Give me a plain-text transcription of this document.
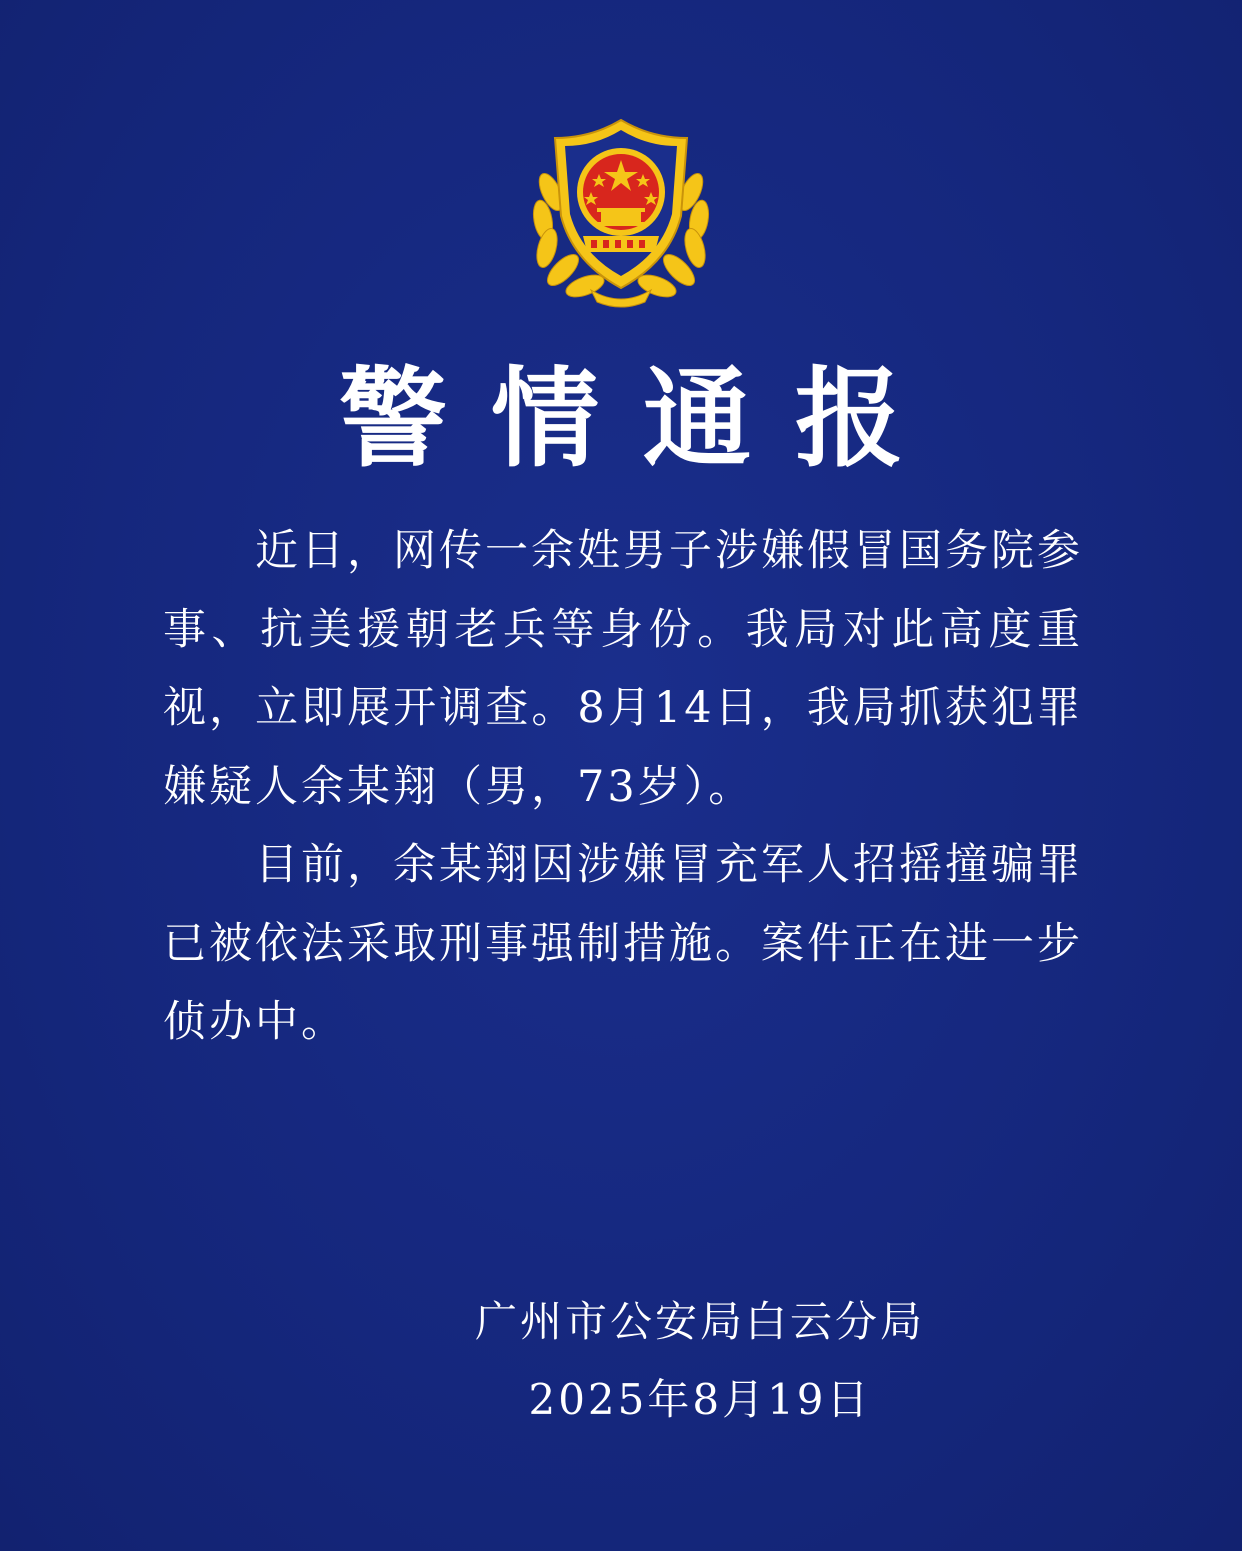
警情通报

近日，网传一余姓男子涉嫌假冒国务院参事、抗美援朝老兵等身份。我局对此高度重视，立即展开调查。8月14日，我局抓获犯罪嫌疑人余某翔（男，73岁）。

目前，余某翔因涉嫌冒充军人招摇撞骗罪已被依法采取刑事强制措施。案件正在进一步侦办中。

广州市公安局白云分局
2025年8月19日
